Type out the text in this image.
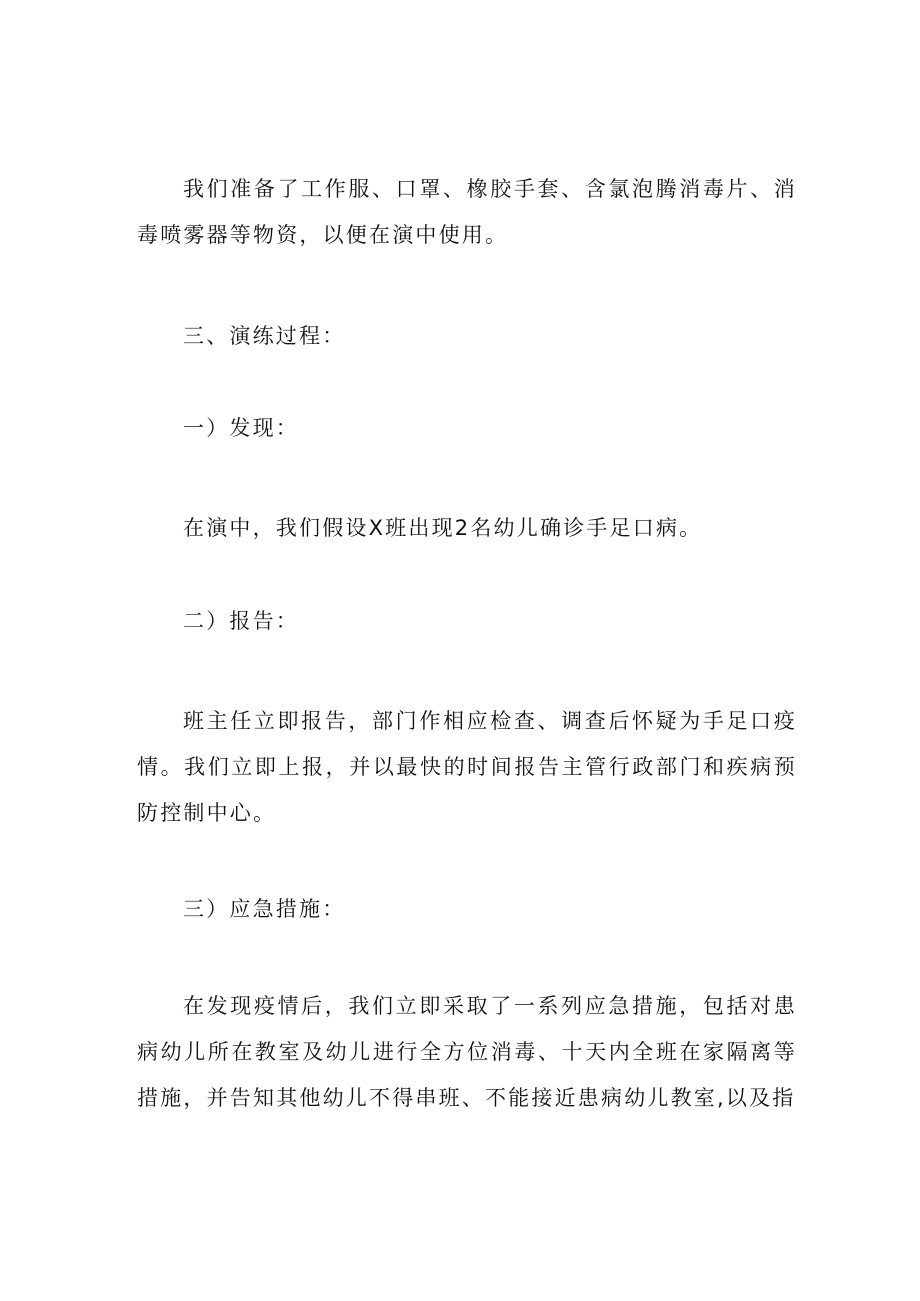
我们准备了工作服、口罩、橡胶手套、含氯泡腾消毒片、消毒喷雾器等物资，以便在演中使用。

三、演练过程：

一）发现：

在演中，我们假设X班出现2名幼儿确诊手足口病。

二）报告：

班主任立即报告，部门作相应检查、调查后怀疑为手足口疫情。我们立即上报，并以最快的时间报告主管行政部门和疾病预防控制中心。

三）应急措施：

在发现疫情后，我们立即采取了一系列应急措施，包括对患病幼儿所在教室及幼儿进行全方位消毒、十天内全班在家隔离等措施，并告知其他幼儿不得串班、不能接近患病幼儿教室,以及指
